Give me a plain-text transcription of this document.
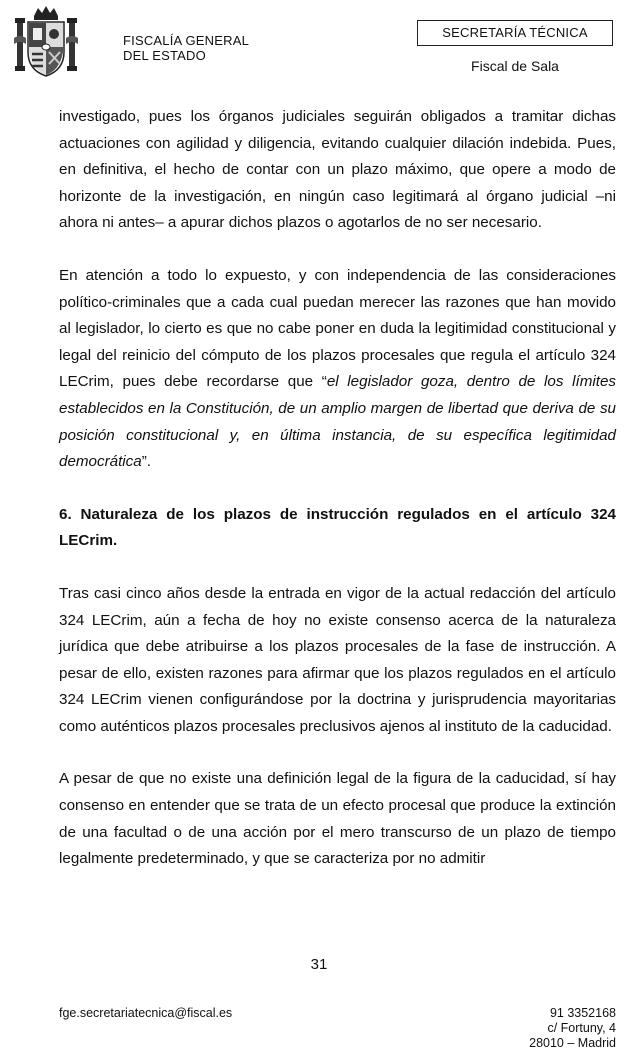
FISCALÍA GENERAL
DEL ESTADO
SECRETARÍA TÉCNICA
Fiscal de Sala

investigado, pues los órganos judiciales seguirán obligados a tramitar dichas actuaciones con agilidad y diligencia, evitando cualquier dilación indebida. Pues, en definitiva, el hecho de contar con un plazo máximo, que opere a modo de horizonte de la investigación, en ningún caso legitimará al órgano judicial –ni ahora ni antes– a apurar dichos plazos o agotarlos de no ser necesario.

En atención a todo lo expuesto, y con independencia de las consideraciones político-criminales que a cada cual puedan merecer las razones que han movido al legislador, lo cierto es que no cabe poner en duda la legitimidad constitucional y legal del reinicio del cómputo de los plazos procesales que regula el artículo 324 LECrim, pues debe recordarse que “el legislador goza, dentro de los límites establecidos en la Constitución, de un amplio margen de libertad que deriva de su posición constitucional y, en última instancia, de su específica legitimidad democrática”.

6. Naturaleza de los plazos de instrucción regulados en el artículo 324 LECrim.

Tras casi cinco años desde la entrada en vigor de la actual redacción del artículo 324 LECrim, aún a fecha de hoy no existe consenso acerca de la naturaleza jurídica que debe atribuirse a los plazos procesales de la fase de instrucción. A pesar de ello, existen razones para afirmar que los plazos regulados en el artículo 324 LECrim vienen configurándose por la doctrina y jurisprudencia mayoritarias como auténticos plazos procesales preclusivos ajenos al instituto de la caducidad.

A pesar de que no existe una definición legal de la figura de la caducidad, sí hay consenso en entender que se trata de un efecto procesal que produce la extinción de una facultad o de una acción por el mero transcurso de un plazo de tiempo legalmente predeterminado, y que se caracteriza por no admitir

31
fge.secretariatecnica@fiscal.es	91 3352168
c/ Fortuny, 4
28010 – Madrid
